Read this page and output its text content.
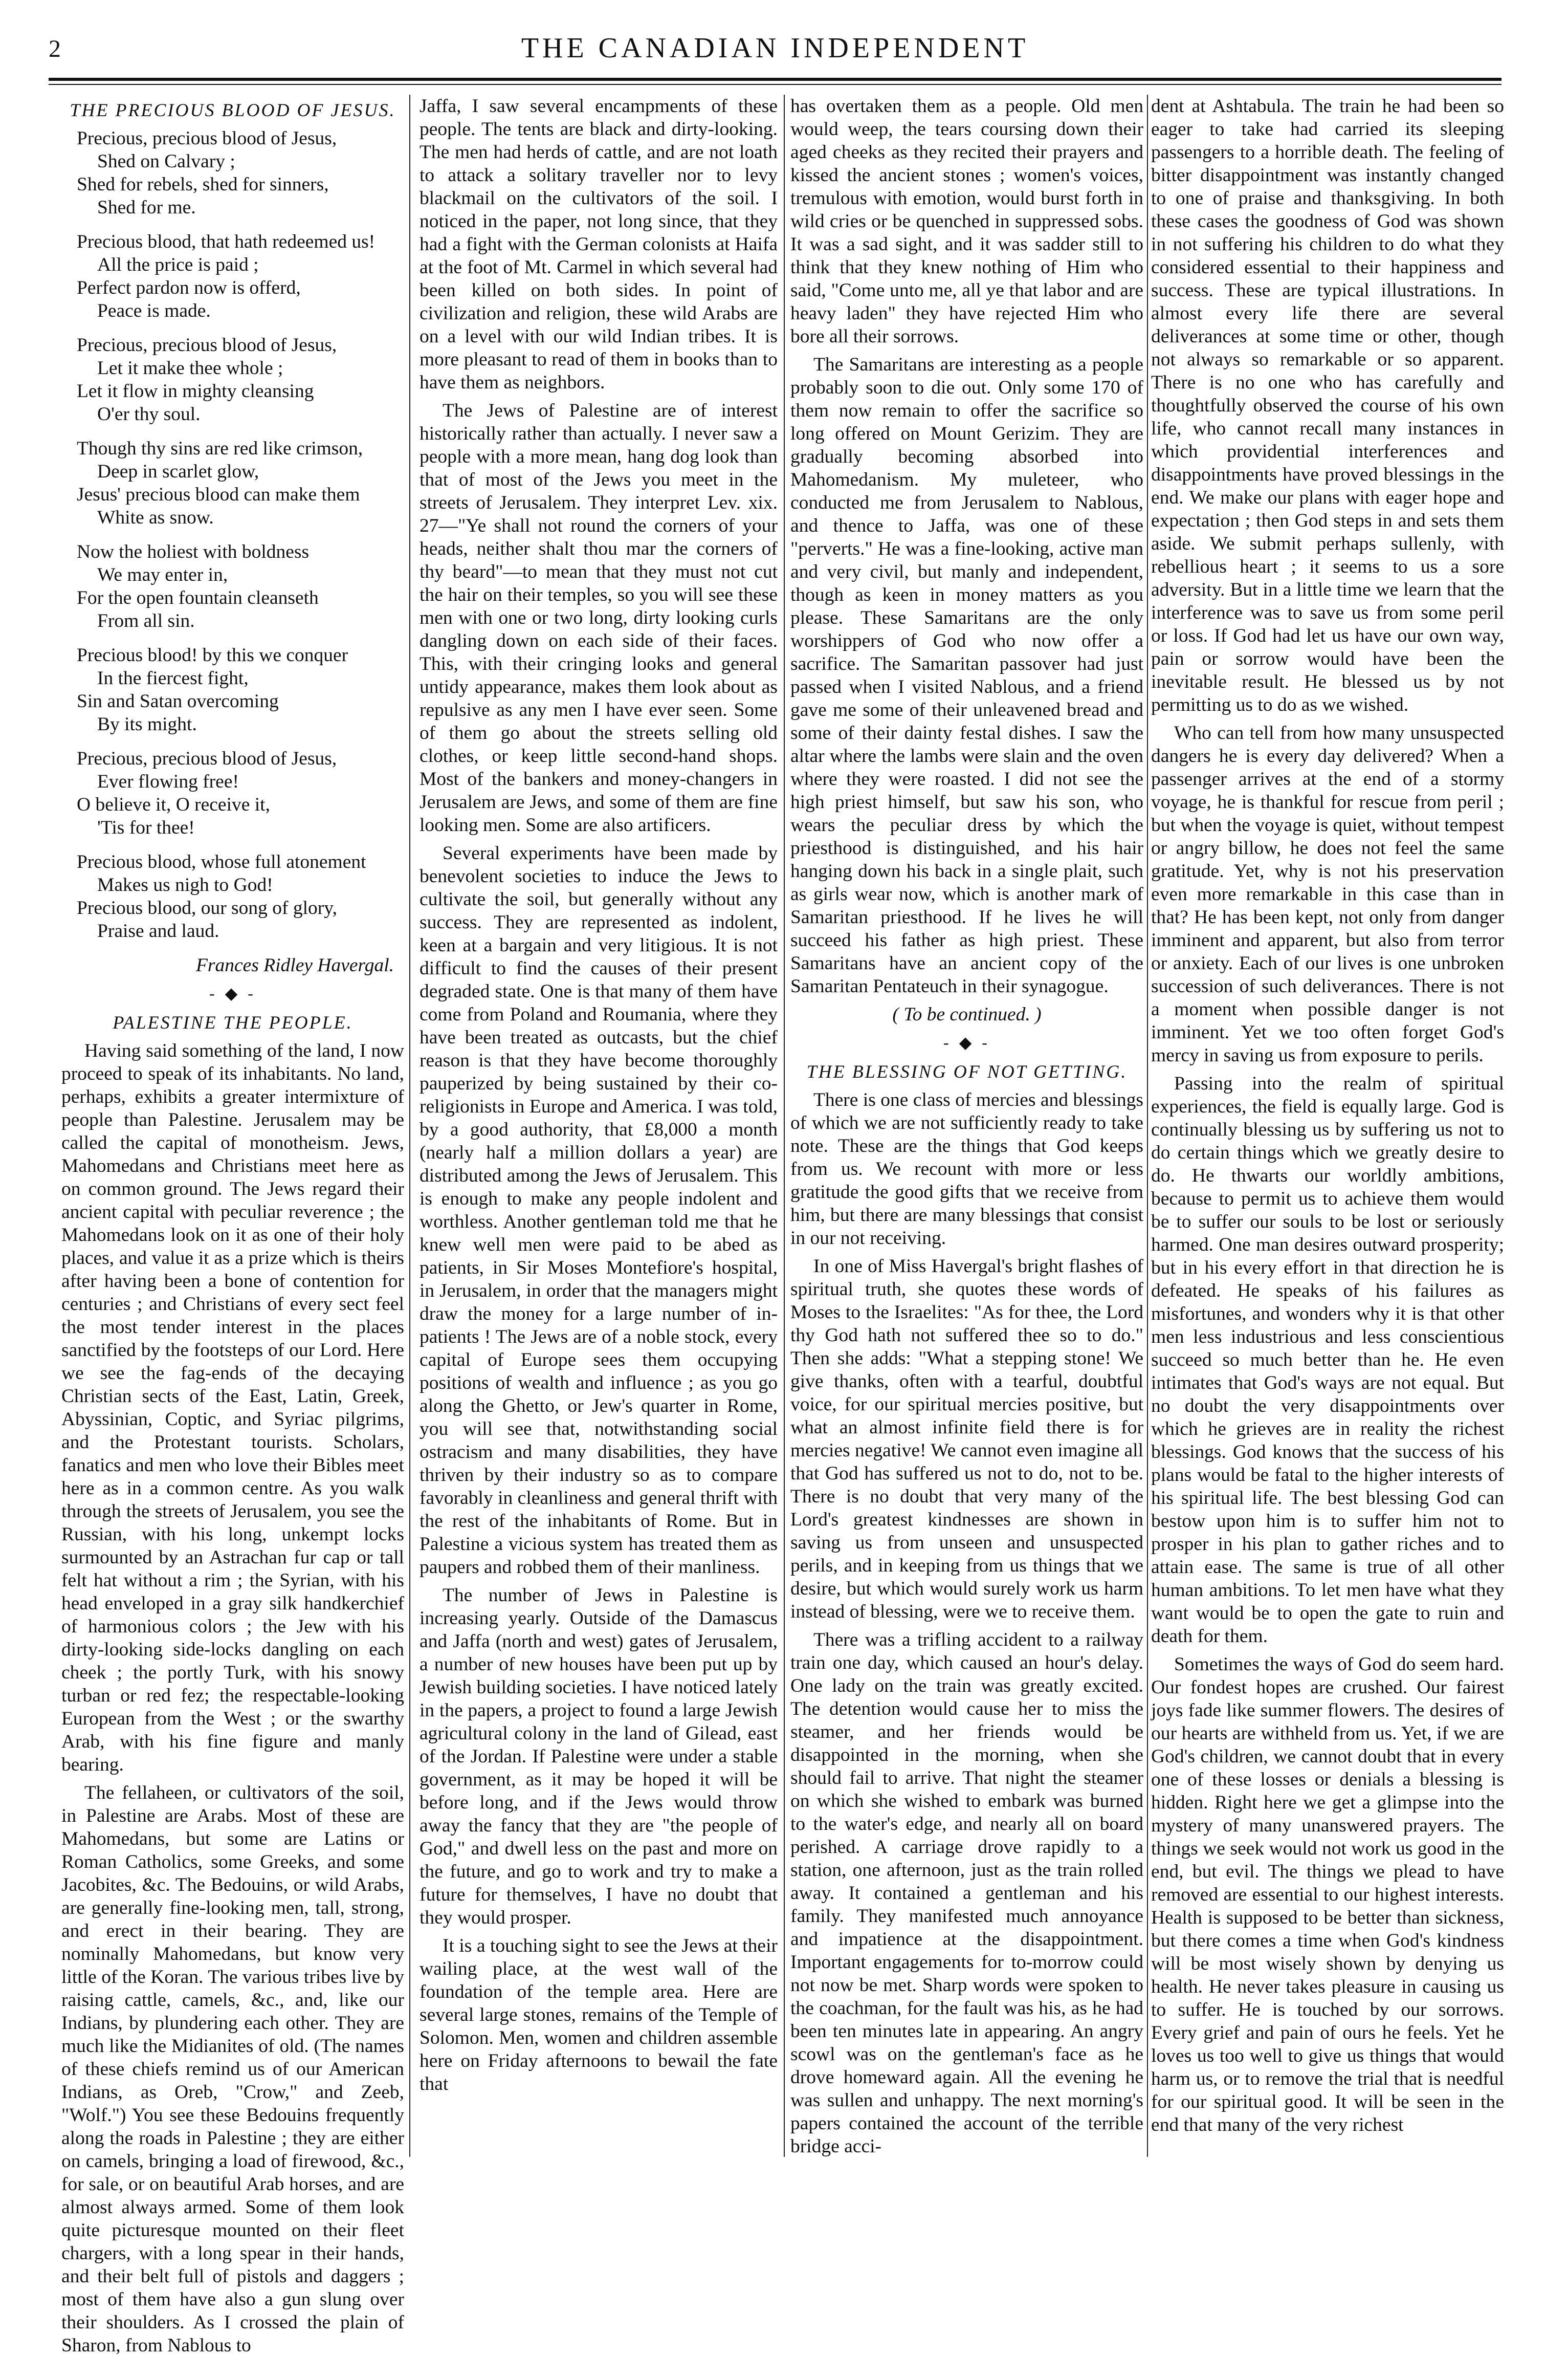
2	THE CANADIAN INDEPENDENT
THE PRECIOUS BLOOD OF JESUS.
Precious, precious blood of Jesus,
Shed on Calvary ;
Shed for rebels, shed for sinners,
Shed for me.
Precious blood, that hath redeemed us!
All the price is paid ;
Perfect pardon now is offerd,
Peace is made.
Precious, precious blood of Jesus,
Let it make thee whole ;
Let it flow in mighty cleansing
O'er thy soul.
Though thy sins are red like crimson,
Deep in scarlet glow,
Jesus' precious blood can make them
White as snow.
Now the holiest with boldness
We may enter in,
For the open fountain cleanseth
From all sin.
Precious blood! by this we conquer
In the fiercest fight,
Sin and Satan overcoming
By its might.
Precious, precious blood of Jesus,
Ever flowing free!
O believe it, O receive it,
'Tis for thee!
Precious blood, whose full atonement
Makes us nigh to God!
Precious blood, our song of glory,
Praise and laud.
Frances Ridley Havergal.
- ◆ -
PALESTINE THE PEOPLE.

Having said something of the land, I now proceed to speak of its inhabitants. No land, perhaps, exhibits a greater intermixture of people than Palestine. Jerusalem may be called the capital of monotheism. Jews, Mahomedans and Christians meet here as on common ground. The Jews regard their ancient capital with peculiar reverence ; the Mahomedans look on it as one of their holy places, and value it as a prize which is theirs after having been a bone of contention for centuries ; and Christians of every sect feel the most tender interest in the places sanctified by the footsteps of our Lord. Here we see the fag-ends of the decaying Christian sects of the East, Latin, Greek, Abyssinian, Coptic, and Syriac pilgrims, and the Protestant tourists. Scholars, fanatics and men who love their Bibles meet here as in a common centre. As you walk through the streets of Jerusalem, you see the Russian, with his long, unkempt locks surmounted by an Astrachan fur cap or tall felt hat without a rim ; the Syrian, with his head enveloped in a gray silk handkerchief of harmonious colors ; the Jew with his dirty-looking side-locks dangling on each cheek ; the portly Turk, with his snowy turban or red fez; the respectable-looking European from the West ; or the swarthy Arab, with his fine figure and manly bearing.

The fellaheen, or cultivators of the soil, in Palestine are Arabs. Most of these are Mahomedans, but some are Latins or Roman Catholics, some Greeks, and some Jacobites, &c. The Bedouins, or wild Arabs, are generally fine-looking men, tall, strong, and erect in their bearing. They are nominally Mahomedans, but know very little of the Koran. The various tribes live by raising cattle, camels, &c., and, like our Indians, by plundering each other. They are much like the Midianites of old. (The names of these chiefs remind us of our American Indians, as Oreb, "Crow," and Zeeb, "Wolf.") You see these Bedouins frequently along the roads in Palestine ; they are either on camels, bringing a load of firewood, &c., for sale, or on beautiful Arab horses, and are almost always armed. Some of them look quite picturesque mounted on their fleet chargers, with a long spear in their hands, and their belt full of pistols and daggers ; most of them have also a gun slung over their shoulders. As I crossed the plain of Sharon, from Nablous to

Jaffa, I saw several encampments of these people. The tents are black and dirty-looking. The men had herds of cattle, and are not loath to attack a solitary traveller nor to levy blackmail on the cultivators of the soil. I noticed in the paper, not long since, that they had a fight with the German colonists at Haifa at the foot of Mt. Carmel in which several had been killed on both sides. In point of civilization and religion, these wild Arabs are on a level with our wild Indian tribes. It is more pleasant to read of them in books than to have them as neighbors.

The Jews of Palestine are of interest historically rather than actually. I never saw a people with a more mean, hang dog look than that of most of the Jews you meet in the streets of Jerusalem. They interpret Lev. xix. 27—"Ye shall not round the corners of your heads, neither shalt thou mar the corners of thy beard"—to mean that they must not cut the hair on their temples, so you will see these men with one or two long, dirty looking curls dangling down on each side of their faces. This, with their cringing looks and general untidy appearance, makes them look about as repulsive as any men I have ever seen. Some of them go about the streets selling old clothes, or keep little second-hand shops. Most of the bankers and money-changers in Jerusalem are Jews, and some of them are fine looking men. Some are also artificers.

Several experiments have been made by benevolent societies to induce the Jews to cultivate the soil, but generally without any success. They are represented as indolent, keen at a bargain and very litigious. It is not difficult to find the causes of their present degraded state. One is that many of them have come from Poland and Roumania, where they have been treated as outcasts, but the chief reason is that they have become thoroughly pauperized by being sustained by their co-religionists in Europe and America. I was told, by a good authority, that £8,000 a month (nearly half a million dollars a year) are distributed among the Jews of Jerusalem. This is enough to make any people indolent and worthless. Another gentleman told me that he knew well men were paid to be abed as patients, in Sir Moses Montefiore's hospital, in Jerusalem, in order that the managers might draw the money for a large number of in-patients ! The Jews are of a noble stock, every capital of Europe sees them occupying positions of wealth and influence ; as you go along the Ghetto, or Jew's quarter in Rome, you will see that, notwithstanding social ostracism and many disabilities, they have thriven by their industry so as to compare favorably in cleanliness and general thrift with the rest of the inhabitants of Rome. But in Palestine a vicious system has treated them as paupers and robbed them of their manliness.

The number of Jews in Palestine is increasing yearly. Outside of the Damascus and Jaffa (north and west) gates of Jerusalem, a number of new houses have been put up by Jewish building societies. I have noticed lately in the papers, a project to found a large Jewish agricultural colony in the land of Gilead, east of the Jordan. If Palestine were under a stable government, as it may be hoped it will be before long, and if the Jews would throw away the fancy that they are "the people of God," and dwell less on the past and more on the future, and go to work and try to make a future for themselves, I have no doubt that they would prosper.

It is a touching sight to see the Jews at their wailing place, at the west wall of the foundation of the temple area. Here are several large stones, remains of the Temple of Solomon. Men, women and children assemble here on Friday afternoons to bewail the fate that

has overtaken them as a people. Old men would weep, the tears coursing down their aged cheeks as they recited their prayers and kissed the ancient stones ; women's voices, tremulous with emotion, would burst forth in wild cries or be quenched in suppressed sobs. It was a sad sight, and it was sadder still to think that they knew nothing of Him who said, "Come unto me, all ye that labor and are heavy laden" they have rejected Him who bore all their sorrows.

The Samaritans are interesting as a people probably soon to die out. Only some 170 of them now remain to offer the sacrifice so long offered on Mount Gerizim. They are gradually becoming absorbed into Mahomedanism. My muleteer, who conducted me from Jerusalem to Nablous, and thence to Jaffa, was one of these "perverts." He was a fine-looking, active man and very civil, but manly and independent, though as keen in money matters as you please. These Samaritans are the only worshippers of God who now offer a sacrifice. The Samaritan passover had just passed when I visited Nablous, and a friend gave me some of their unleavened bread and some of their dainty festal dishes. I saw the altar where the lambs were slain and the oven where they were roasted. I did not see the high priest himself, but saw his son, who wears the peculiar dress by which the priesthood is distinguished, and his hair hanging down his back in a single plait, such as girls wear now, which is another mark of Samaritan priesthood. If he lives he will succeed his father as high priest. These Samaritans have an ancient copy of the Samaritan Pentateuch in their synagogue.

( To be continued. )
- ◆ -
THE BLESSING OF NOT GETTING.

There is one class of mercies and blessings of which we are not sufficiently ready to take note. These are the things that God keeps from us. We recount with more or less gratitude the good gifts that we receive from him, but there are many blessings that consist in our not receiving.

In one of Miss Havergal's bright flashes of spiritual truth, she quotes these words of Moses to the Israelites: "As for thee, the Lord thy God hath not suffered thee so to do." Then she adds: "What a stepping stone! We give thanks, often with a tearful, doubtful voice, for our spiritual mercies positive, but what an almost infinite field there is for mercies negative! We cannot even imagine all that God has suffered us not to do, not to be. There is no doubt that very many of the Lord's greatest kindnesses are shown in saving us from unseen and unsuspected perils, and in keeping from us things that we desire, but which would surely work us harm instead of blessing, were we to receive them.

There was a trifling accident to a railway train one day, which caused an hour's delay. One lady on the train was greatly excited. The detention would cause her to miss the steamer, and her friends would be disappointed in the morning, when she should fail to arrive. That night the steamer on which she wished to embark was burned to the water's edge, and nearly all on board perished. A carriage drove rapidly to a station, one afternoon, just as the train rolled away. It contained a gentleman and his family. They manifested much annoyance and impatience at the disappointment. Important engagements for to-morrow could not now be met. Sharp words were spoken to the coachman, for the fault was his, as he had been ten minutes late in appearing. An angry scowl was on the gentleman's face as he drove homeward again. All the evening he was sullen and unhappy. The next morning's papers contained the account of the terrible bridge acci-

dent at Ashtabula. The train he had been so eager to take had carried its sleeping passengers to a horrible death. The feeling of bitter disappointment was instantly changed to one of praise and thanksgiving. In both these cases the goodness of God was shown in not suffering his children to do what they considered essential to their happiness and success. These are typical illustrations. In almost every life there are several deliverances at some time or other, though not always so remarkable or so apparent. There is no one who has carefully and thoughtfully observed the course of his own life, who cannot recall many instances in which providential interferences and disappointments have proved blessings in the end. We make our plans with eager hope and expectation ; then God steps in and sets them aside. We submit perhaps sullenly, with rebellious heart ; it seems to us a sore adversity. But in a little time we learn that the interference was to save us from some peril or loss. If God had let us have our own way, pain or sorrow would have been the inevitable result. He blessed us by not permitting us to do as we wished.

Who can tell from how many unsuspected dangers he is every day delivered? When a passenger arrives at the end of a stormy voyage, he is thankful for rescue from peril ; but when the voyage is quiet, without tempest or angry billow, he does not feel the same gratitude. Yet, why is not his preservation even more remarkable in this case than in that? He has been kept, not only from danger imminent and apparent, but also from terror or anxiety. Each of our lives is one unbroken succession of such deliverances. There is not a moment when possible danger is not imminent. Yet we too often forget God's mercy in saving us from exposure to perils.

Passing into the realm of spiritual experiences, the field is equally large. God is continually blessing us by suffering us not to do certain things which we greatly desire to do. He thwarts our worldly ambitions, because to permit us to achieve them would be to suffer our souls to be lost or seriously harmed. One man desires outward prosperity; but in his every effort in that direction he is defeated. He speaks of his failures as misfortunes, and wonders why it is that other men less industrious and less conscientious succeed so much better than he. He even intimates that God's ways are not equal. But no doubt the very disappointments over which he grieves are in reality the richest blessings. God knows that the success of his plans would be fatal to the higher interests of his spiritual life. The best blessing God can bestow upon him is to suffer him not to prosper in his plan to gather riches and to attain ease. The same is true of all other human ambitions. To let men have what they want would be to open the gate to ruin and death for them.

Sometimes the ways of God do seem hard. Our fondest hopes are crushed. Our fairest joys fade like summer flowers. The desires of our hearts are withheld from us. Yet, if we are God's children, we cannot doubt that in every one of these losses or denials a blessing is hidden. Right here we get a glimpse into the mystery of many unanswered prayers. The things we seek would not work us good in the end, but evil. The things we plead to have removed are essential to our highest interests. Health is supposed to be better than sickness, but there comes a time when God's kindness will be most wisely shown by denying us health. He never takes pleasure in causing us to suffer. He is touched by our sorrows. Every grief and pain of ours he feels. Yet he loves us too well to give us things that would harm us, or to remove the trial that is needful for our spiritual good. It will be seen in the end that many of the very richest
